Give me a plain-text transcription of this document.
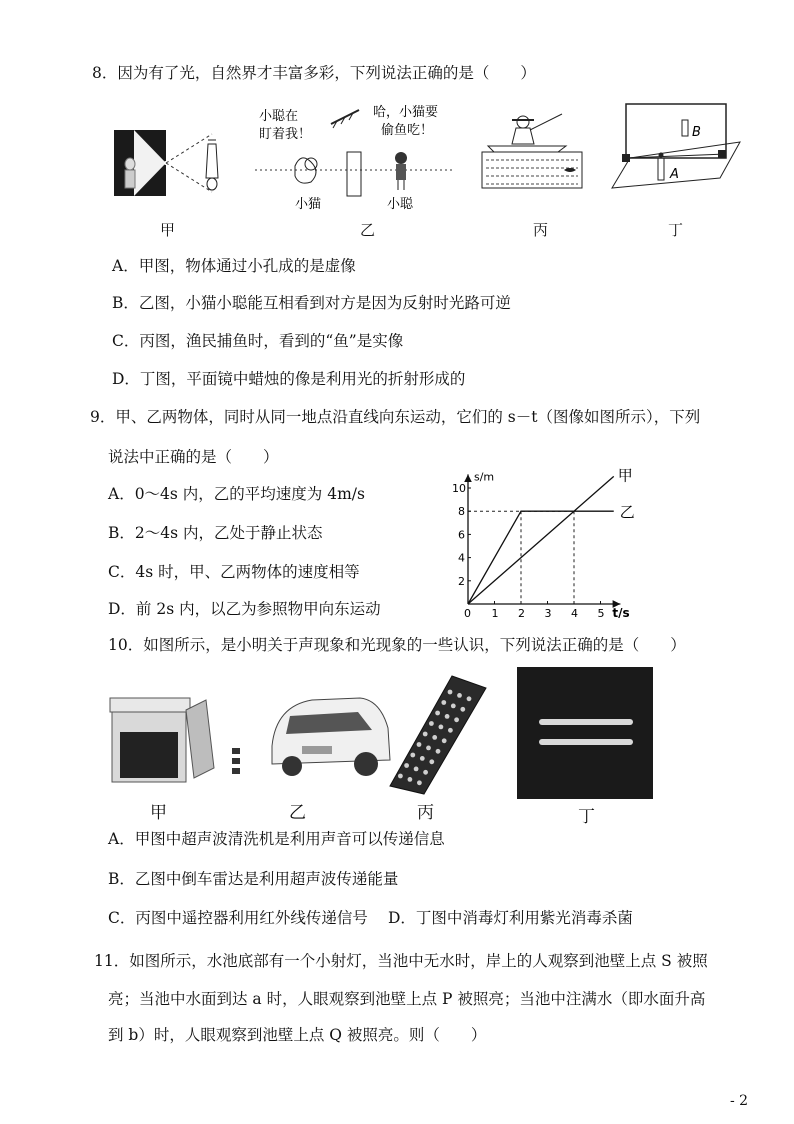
8．因为有了光，自然界才丰富多彩，下列说法正确的是（　　）
小聪在
盯着我！
哈，小猫要
偷鱼吃！
小猫	小聪
B
A
甲	乙	丙	丁
A．甲图，物体通过小孔成的是虚像
B．乙图，小猫小聪能互相看到对方是因为反射时光路可逆
C．丙图，渔民捕鱼时，看到的“鱼”是实像
D．丁图，平面镜中蜡烛的像是利用光的折射形成的
9．甲、乙两物体，同时从同一地点沿直线向东运动，它们的 s－t（图像如图所示），下列
说法中正确的是（　　）
A．0～4s 内，乙的平均速度为 4m/s
B．2～4s 内，乙处于静止状态
C．4s 时，甲、乙两物体的速度相等
D．前 2s 内，以乙为参照物甲向东运动	0 1 2 3 4 5
2
4
6
8
10
s/m
t/s
甲
乙
10．如图所示，是小明关于声现象和光现象的一些认识，下列说法正确的是（　　）
甲	乙	丙	丁
A．甲图中超声波清洗机是利用声音可以传递信息
B．乙图中倒车雷达是利用超声波传递能量
C．丙图中遥控器利用红外线传递信号 D．丁图中消毒灯利用紫光消毒杀菌
11．如图所示，水池底部有一个小射灯，当池中无水时，岸上的人观察到池壁上点 S 被照
亮；当池中水面到达 a 时，人眼观察到池壁上点 P 被照亮；当池中注满水（即水面升高
到 b）时，人眼观察到池壁上点 Q 被照亮。则（　　）
- 2
